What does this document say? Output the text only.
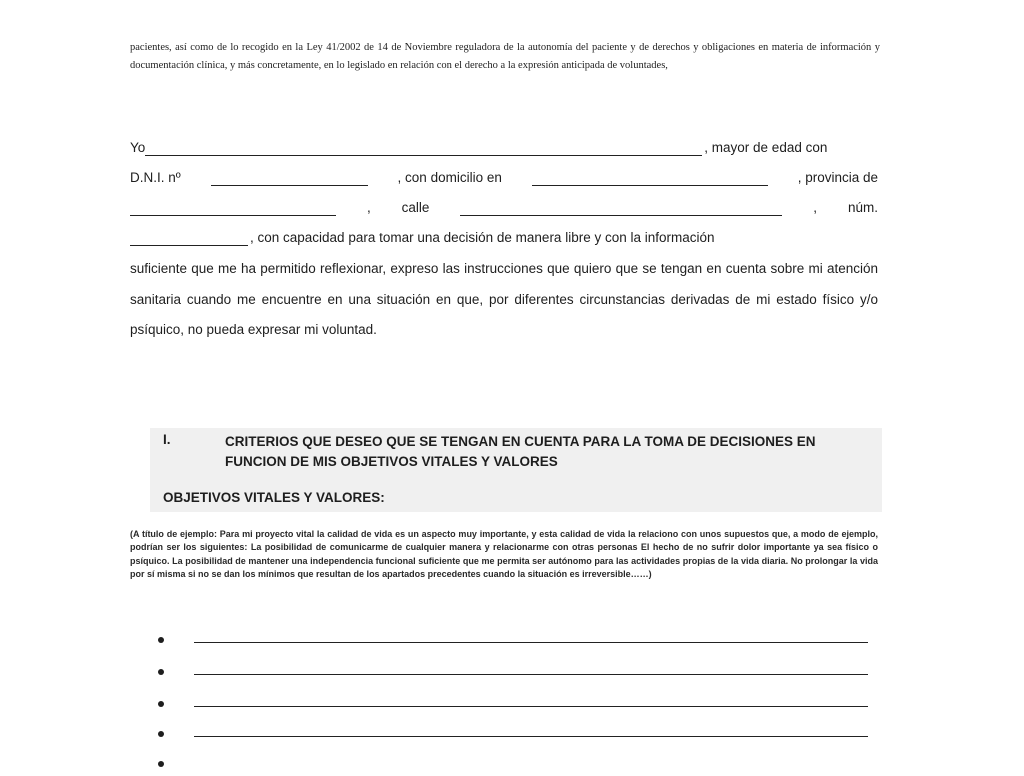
pacientes, así como de lo recogido en la Ley 41/2002 de 14 de Noviembre reguladora de la autonomía del paciente y de derechos y obligaciones en materia de información y documentación clínica, y más concretamente, en lo legislado en relación con el derecho a la expresión anticipada de voluntades,

Yo	, mayor de edad con
D.N.I. nº	, con domicilio en	, provincia de
, calle	, núm.
, con capacidad para tomar una decisión de manera libre y con la información

suficiente que me ha permitido reflexionar, expreso las instrucciones que quiero que se tengan en cuenta sobre mi atención sanitaria cuando me encuentre en una situación en que, por diferentes circunstancias derivadas de mi estado físico y/o psíquico, no pueda expresar mi voluntad.

I.	CRITERIOS QUE DESEO QUE SE TENGAN EN CUENTA PARA LA TOMA DE DECISIONES EN FUNCION DE MIS OBJETIVOS VITALES Y VALORES

OBJETIVOS VITALES Y VALORES:

(A título de ejemplo: Para mi proyecto vital la calidad de vida es un aspecto muy importante, y esta calidad de vida la relaciono con unos supuestos que, a modo de ejemplo, podrían ser los siguientes: La posibilidad de comunicarme de cualquier manera y relacionarme con otras personas El hecho de no sufrir dolor importante ya sea físico o psíquico. La posibilidad de mantener una independencia funcional suficiente que me permita ser autónomo para las actividades propias de la vida diaria. No prolongar la vida por sí misma si no se dan los mínimos que resultan de los apartados precedentes cuando la situación es irreversible……)
